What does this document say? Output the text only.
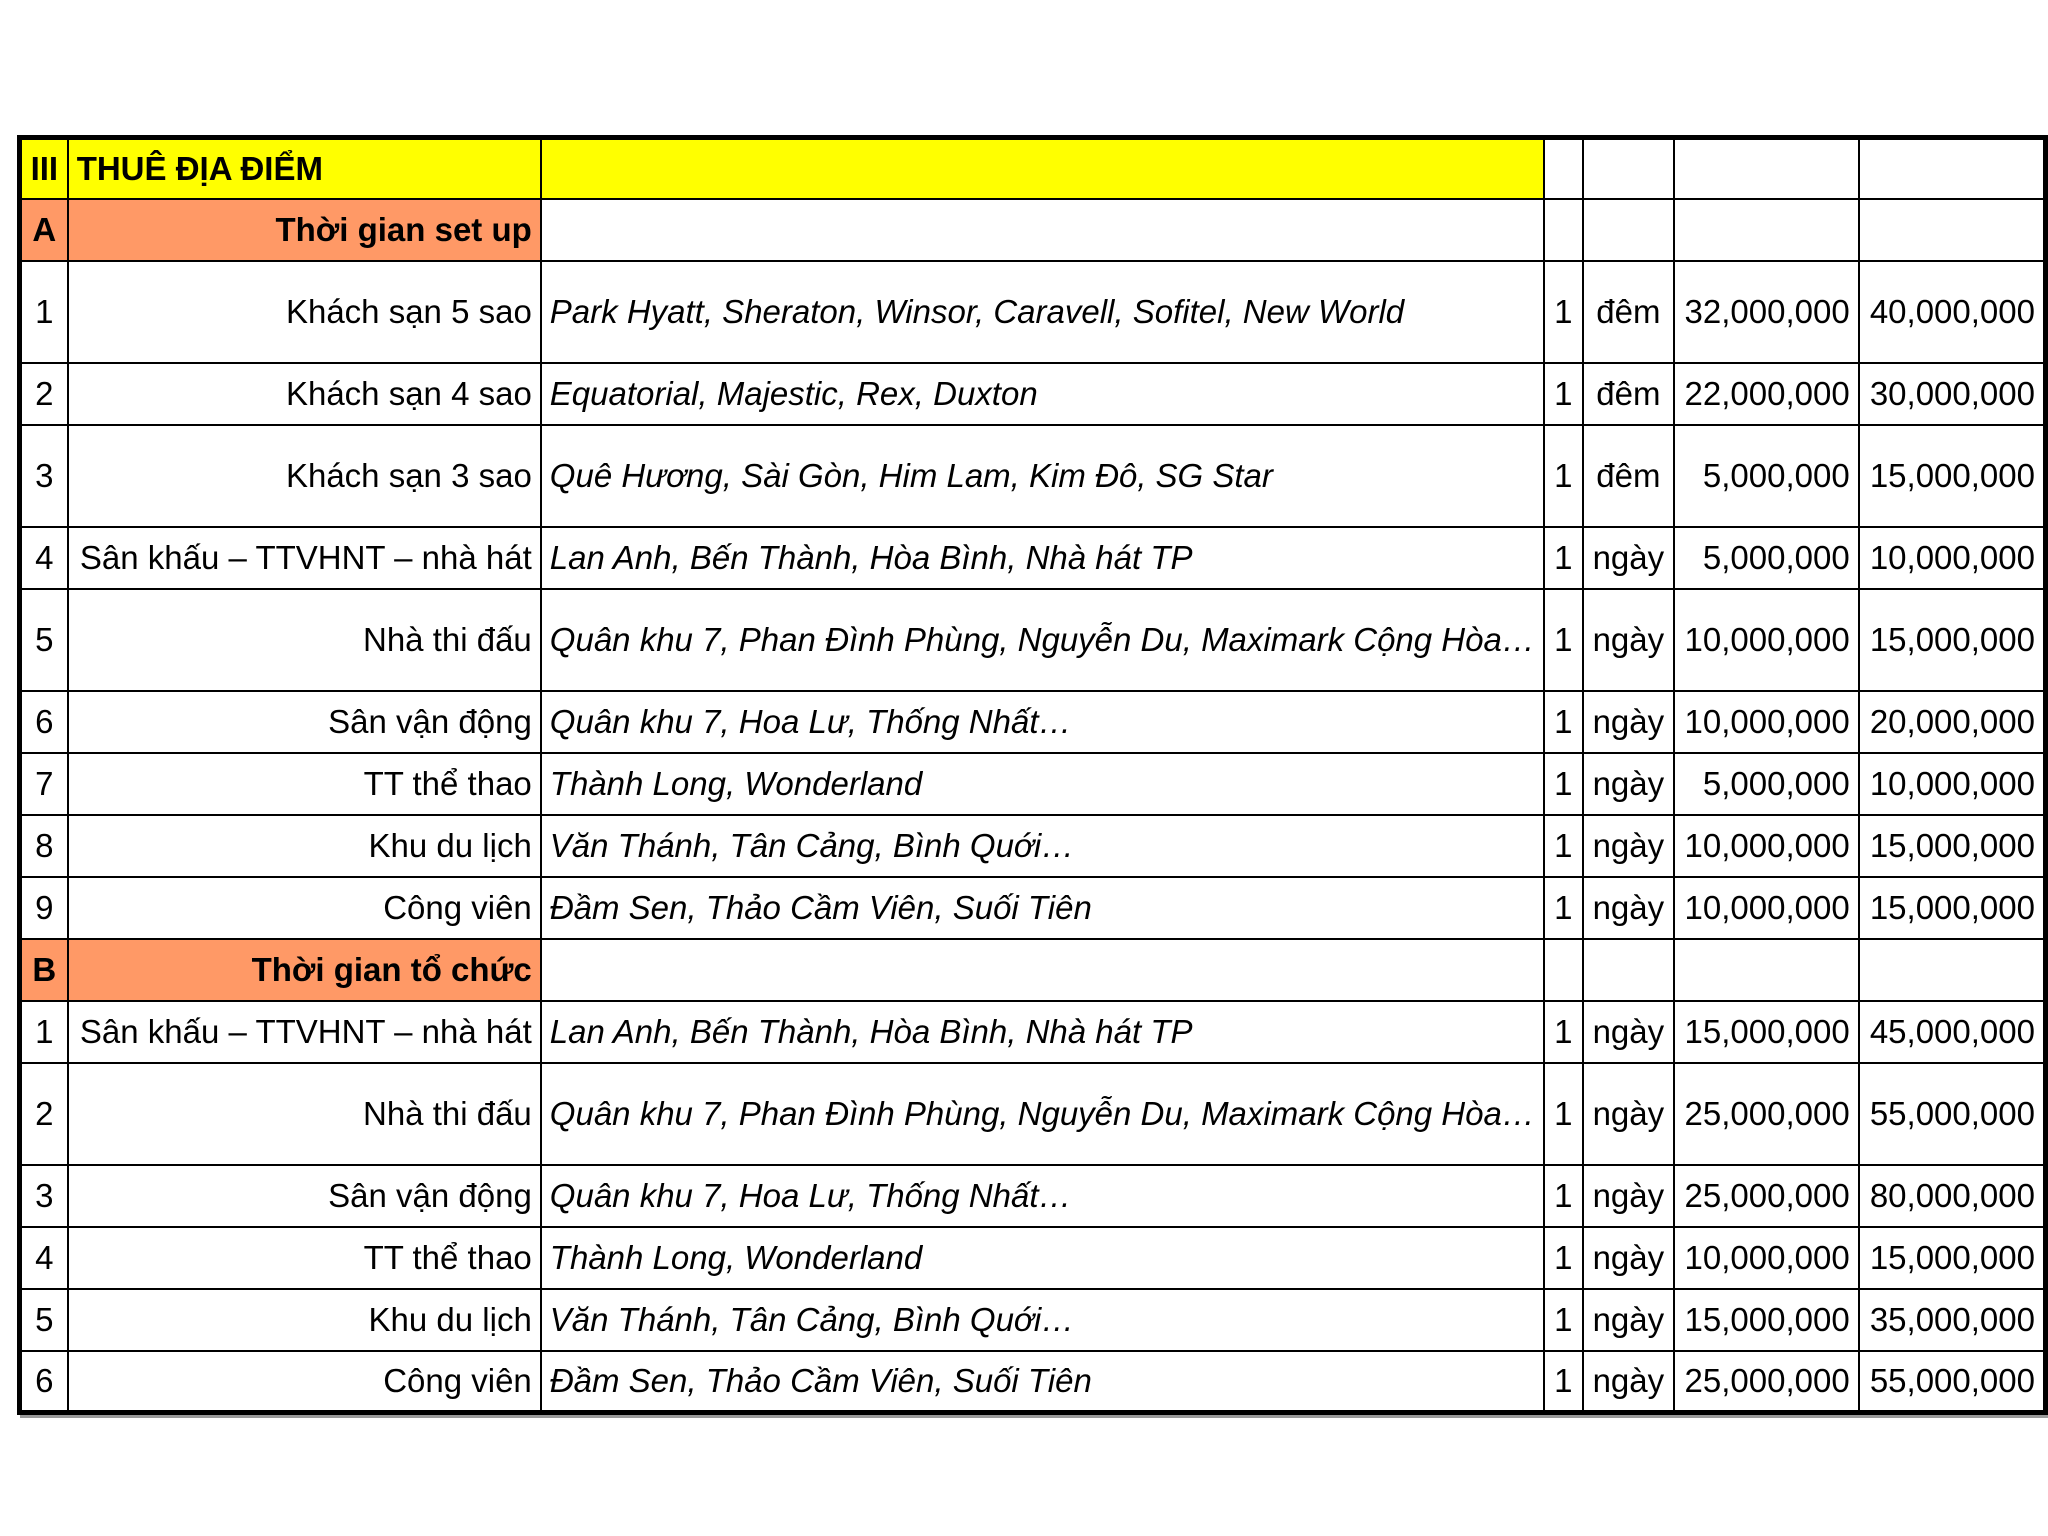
III	THUÊ ĐỊA ĐIỂM					
A	Thời gian set up					
1	Khách sạn 5 sao	Park Hyatt, Sheraton, Winsor, Caravell, Sofitel, New World	1	đêm	32,000,000	40,000,000
2	Khách sạn 4 sao	Equatorial, Majestic, Rex, Duxton	1	đêm	22,000,000	30,000,000
3	Khách sạn 3 sao	Quê Hương, Sài Gòn, Him Lam, Kim Đô, SG Star	1	đêm	5,000,000	15,000,000
4	Sân khấu – TTVHNT – nhà hát	Lan Anh, Bến Thành, Hòa Bình, Nhà hát TP	1	ngày	5,000,000	10,000,000
5	Nhà thi đấu	Quân khu 7, Phan Đình Phùng, Nguyễn Du, Maximark Cộng Hòa…	1	ngày	10,000,000	15,000,000
6	Sân vận động	Quân khu 7, Hoa Lư, Thống Nhất…	1	ngày	10,000,000	20,000,000
7	TT thể thao	Thành Long, Wonderland	1	ngày	5,000,000	10,000,000
8	Khu du lịch	Văn Thánh, Tân Cảng, Bình Quới…	1	ngày	10,000,000	15,000,000
9	Công viên	Đầm Sen, Thảo Cầm Viên, Suối Tiên	1	ngày	10,000,000	15,000,000
B	Thời gian tổ chức					
1	Sân khấu – TTVHNT – nhà hát	Lan Anh, Bến Thành, Hòa Bình, Nhà hát TP	1	ngày	15,000,000	45,000,000
2	Nhà thi đấu	Quân khu 7, Phan Đình Phùng, Nguyễn Du, Maximark Cộng Hòa…	1	ngày	25,000,000	55,000,000
3	Sân vận động	Quân khu 7, Hoa Lư, Thống Nhất…	1	ngày	25,000,000	80,000,000
4	TT thể thao	Thành Long, Wonderland	1	ngày	10,000,000	15,000,000
5	Khu du lịch	Văn Thánh, Tân Cảng, Bình Quới…	1	ngày	15,000,000	35,000,000
6	Công viên	Đầm Sen, Thảo Cầm Viên, Suối Tiên	1	ngày	25,000,000	55,000,000
